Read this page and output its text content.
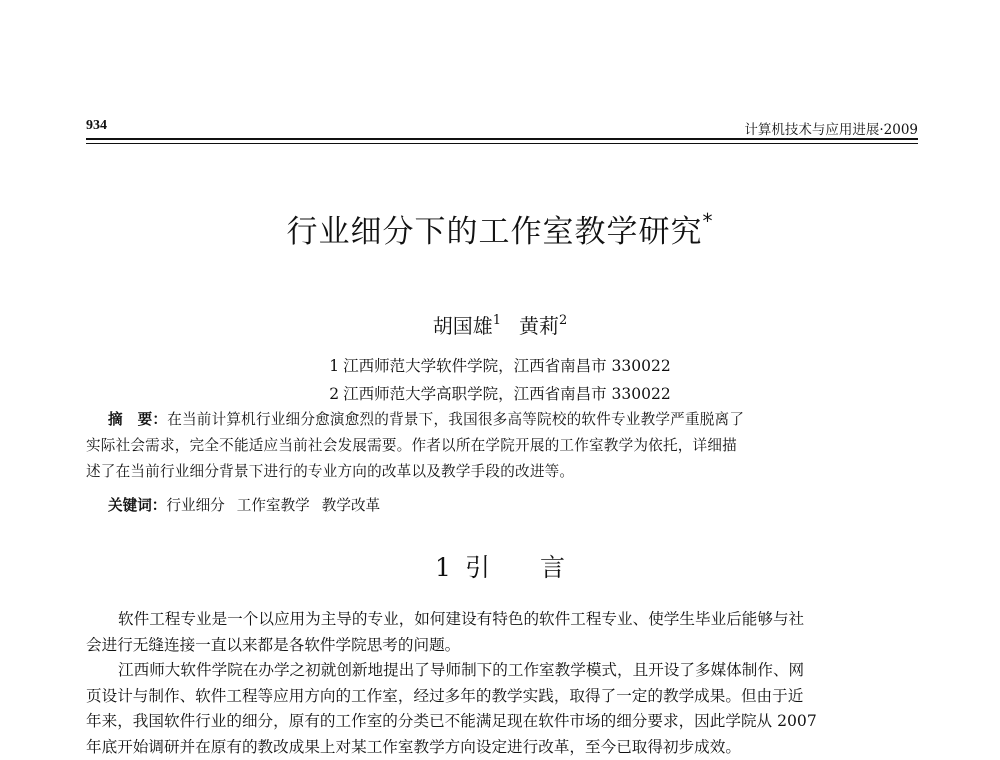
934	计算机技术与应用进展·2009
行业细分下的工作室教学研究*
胡国雄$^1$ 黄莉$^2$
1 江西师范大学软件学院，江西省南昌市 330022
2 江西师范大学高职学院，江西省南昌市 330022
摘　要：在当前计算机行业细分愈演愈烈的背景下，我国很多高等院校的软件专业教学严重脱离了
实际社会需求，完全不能适应当前社会发展需要。作者以所在学院开展的工作室教学为依托，详细描
述了在当前行业细分背景下进行的专业方向的改革以及教学手段的改进等。
关键词：行业细分 工作室教学 教学改革
1 引　　言
软件工程专业是一个以应用为主导的专业，如何建设有特色的软件工程专业、使学生毕业后能够与社
会进行无缝连接一直以来都是各软件学院思考的问题。
江西师大软件学院在办学之初就创新地提出了导师制下的工作室教学模式，且开设了多媒体制作、网
页设计与制作、软件工程等应用方向的工作室，经过多年的教学实践，取得了一定的教学成果。但由于近
年来，我国软件行业的细分，原有的工作室的分类已不能满足现在软件市场的细分要求，因此学院从 2007
年底开始调研并在原有的教改成果上对某工作室教学方向设定进行改革，至今已取得初步成效。
